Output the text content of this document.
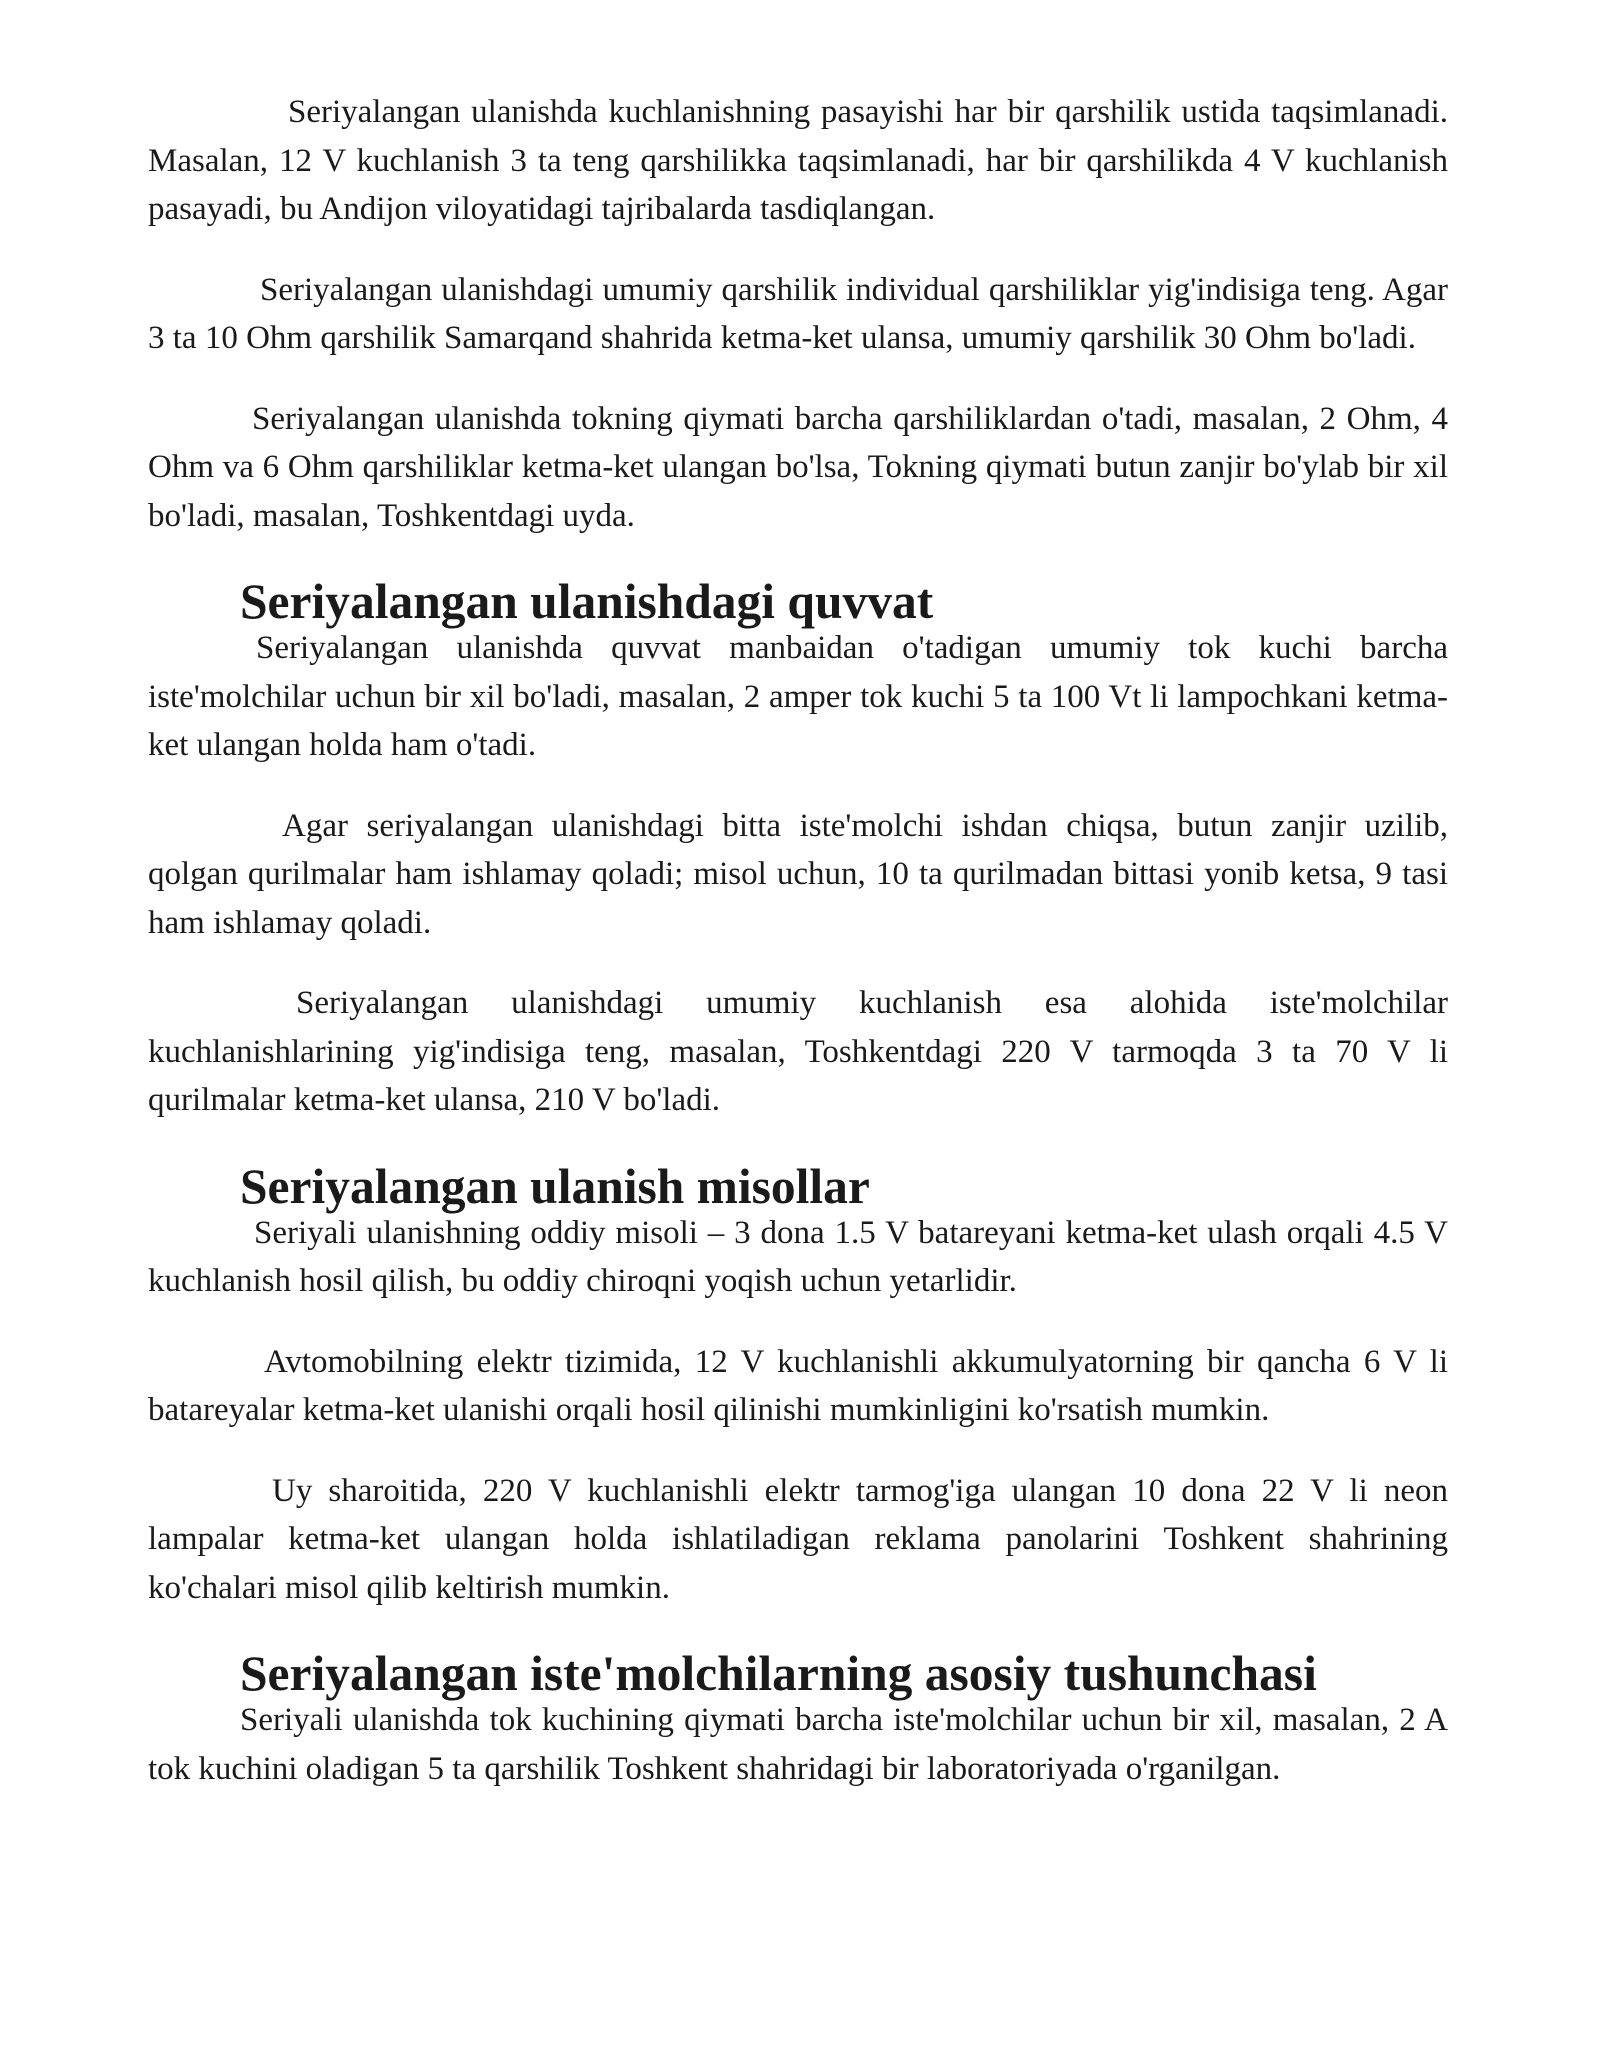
Seriyalangan ulanishda kuchlanishning pasayishi har bir qarshilik ustida taqsimlanadi. Masalan, 12 V kuchlanish 3 ta teng qarshilikka taqsimlanadi, har bir qarshilikda 4 V kuchlanish pasayadi, bu Andijon viloyatidagi tajribalarda tasdiqlangan.

Seriyalangan ulanishdagi umumiy qarshilik individual qarshiliklar yig'indisiga teng. Agar 3 ta 10 Ohm qarshilik Samarqand shahrida ketma-ket ulansa, umumiy qarshilik 30 Ohm bo'ladi.

Seriyalangan ulanishda tokning qiymati barcha qarshiliklardan o'tadi, masalan, 2 Ohm, 4 Ohm va 6 Ohm qarshiliklar ketma-ket ulangan bo'lsa, Tokning qiymati butun zanjir bo'ylab bir xil bo'ladi, masalan, Toshkentdagi uyda.

Seriyalangan ulanishdagi quvvat

Seriyalangan ulanishda quvvat manbaidan o'tadigan umumiy tok kuchi barcha iste'molchilar uchun bir xil bo'ladi, masalan, 2 amper tok kuchi 5 ta 100 Vt li lampochkani ketma-ket ulangan holda ham o'tadi.

Agar seriyalangan ulanishdagi bitta iste'molchi ishdan chiqsa, butun zanjir uzilib, qolgan qurilmalar ham ishlamay qoladi; misol uchun, 10 ta qurilmadan bittasi yonib ketsa, 9 tasi ham ishlamay qoladi.

Seriyalangan ulanishdagi umumiy kuchlanish esa alohida iste'molchilar kuchlanishlarining yig'indisiga teng, masalan, Toshkentdagi 220 V tarmoqda 3 ta 70 V li qurilmalar ketma-ket ulansa, 210 V bo'ladi.

Seriyalangan ulanish misollar

Seriyali ulanishning oddiy misoli – 3 dona 1.5 V batareyani ketma-ket ulash orqali 4.5 V kuchlanish hosil qilish, bu oddiy chiroqni yoqish uchun yetarlidir.

Avtomobilning elektr tizimida, 12 V kuchlanishli akkumulyatorning bir qancha 6 V li batareyalar ketma-ket ulanishi orqali hosil qilinishi mumkinligini ko'rsatish mumkin.

Uy sharoitida, 220 V kuchlanishli elektr tarmog'iga ulangan 10 dona 22 V li neon lampalar ketma-ket ulangan holda ishlatiladigan reklama panolarini Toshkent shahrining ko'chalari misol qilib keltirish mumkin.

Seriyalangan iste'molchilarning asosiy tushunchasi

Seriyali ulanishda tok kuchining qiymati barcha iste'molchilar uchun bir xil, masalan, 2 A tok kuchini oladigan 5 ta qarshilik Toshkent shahridagi bir laboratoriyada o'rganilgan.
